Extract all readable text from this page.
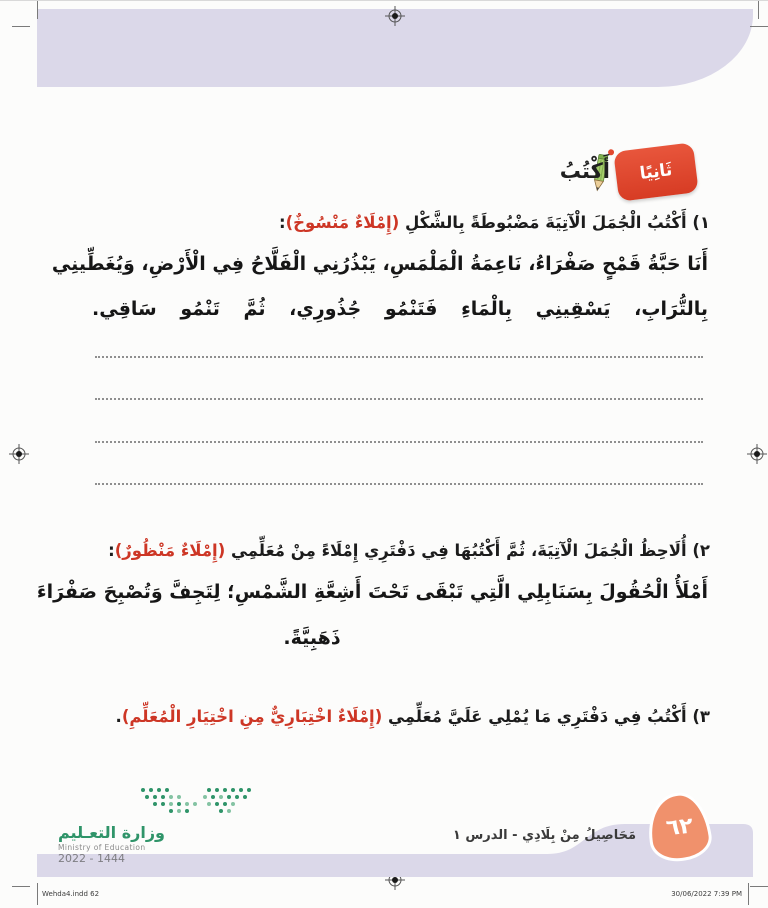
ثَانِيًا
أَكْتُبُ
١) أَكْتُبُ الْجُمَلَ الْآتِيَةَ مَضْبُوطَةً بِالشَّكْلِ (إِمْلَاءٌ مَنْسُوخٌ):
أَنَا حَبَّةُ قَمْحٍ صَفْرَاءُ، نَاعِمَةُ الْمَلْمَسِ، يَبْذُرُنِي الْفَلَّاحُ فِي الْأَرْضِ، وَيُغَطِّينِي
بِالتُّرَابِ، يَسْقِينِي بِالْمَاءِ فَتَنْمُو جُذُورِي، ثُمَّ تَنْمُو سَاقِي.
٢) أُلَاحِظُ الْجُمَلَ الْآتِيَةَ، ثُمَّ أَكْتُبُهَا فِي دَفْتَرِي إِمْلَاءً مِنْ مُعَلِّمِي (إِمْلَاءٌ مَنْظُورٌ):
أَمْلَأُ الْحُقُولَ بِسَنَابِلِي الَّتِي تَبْقَى تَحْتَ أَشِعَّةِ الشَّمْسِ؛ لِتَجِفَّ وَتُصْبِحَ صَفْرَاءَ
ذَهَبِيَّةً.
٣) أَكْتُبُ فِي دَفْتَرِي مَا يُمْلِي عَلَيَّ مُعَلِّمِي (إِمْلَاءٌ اخْتِبَارِيٌّ مِنِ اخْتِيَارِ الْمُعَلِّمِ).
وزارة التعـليم
Ministry of Education
2022 - 1444
مَحَاصِيلُ مِنْ بِلَادِي - الدرس ١ ٦٢
Wehda4.indd 62	30/06/2022 7:39 PM
